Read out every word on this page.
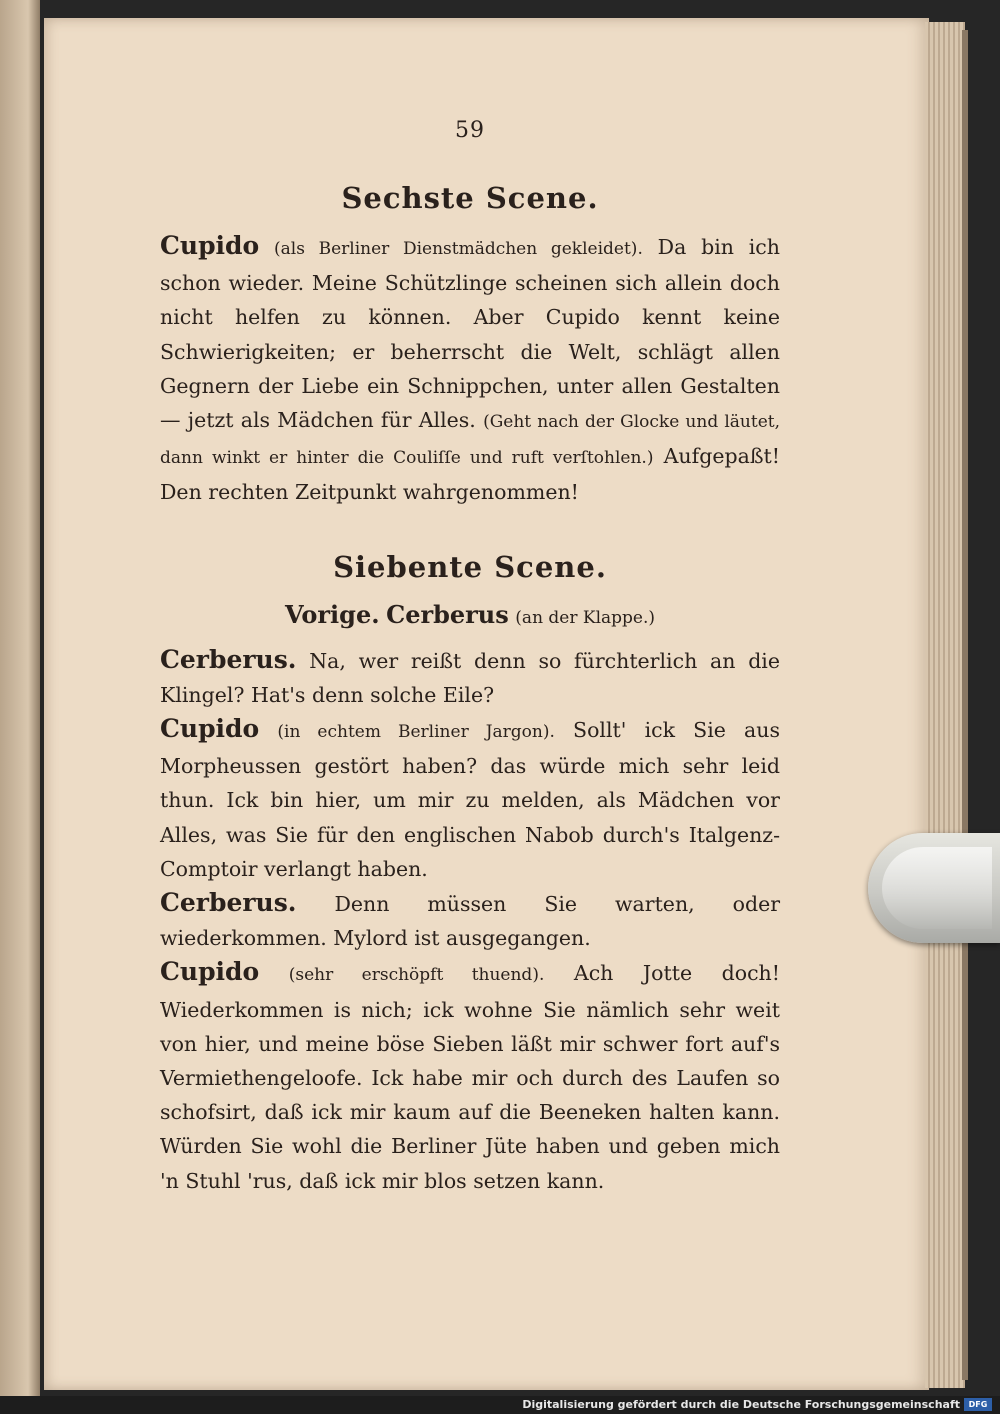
59
Sechste Scene.

Cupido (als Berliner Dienstmädchen gekleidet). Da bin ich schon wieder. Meine Schützlinge scheinen sich allein doch nicht helfen zu können. Aber Cupido kennt keine Schwierigkeiten; er beherrscht die Welt, schlägt allen Gegnern der Liebe ein Schnippchen, unter allen Gestalten — jetzt als Mädchen für Alles. (Geht nach der Glocke und läutet, dann winkt er hinter die Couliſſe und ruft verſtohlen.) Aufgepaßt! Den rechten Zeitpunkt wahrgenommen!

Siebente Scene.
Vorige. Cerberus (an der Klappe.)

Cerberus. Na, wer reißt denn so fürchterlich an die Klingel? Hat's denn solche Eile?

Cupido (in echtem Berliner Jargon). Sollt' ick Sie aus Morpheussen gestört haben? das würde mich sehr leid thun. Ick bin hier, um mir zu melden, als Mädchen vor Alles, was Sie für den englischen Nabob durch's Italgenz-Comptoir verlangt haben.

Cerberus. Denn müssen Sie warten, oder wiederkommen. Mylord ist ausgegangen.

Cupido (sehr erschöpft thuend). Ach Jotte doch! Wiederkommen is nich; ick wohne Sie nämlich sehr weit von hier, und meine böse Sieben läßt mir schwer fort auf's Vermiethengeloofe. Ick habe mir och durch des Laufen so schofsirt, daß ick mir kaum auf die Beeneken halten kann. Würden Sie wohl die Berliner Jüte haben und geben mich 'n Stuhl 'rus, daß ick mir blos setzen kann.

Digitalisierung gefördert durch die Deutsche Forschungsgemeinschaft	DFG
